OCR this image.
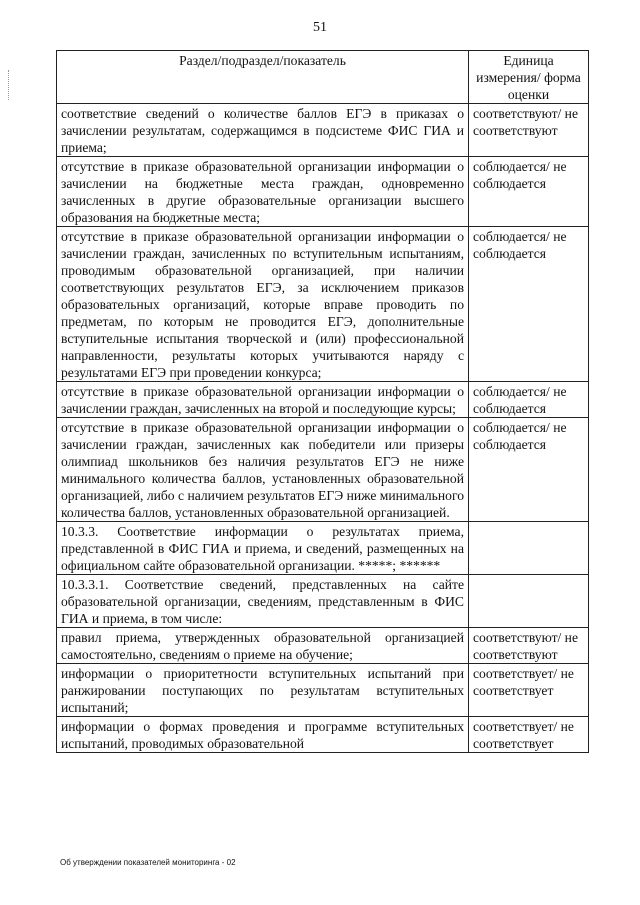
51
Раздел/подраздел/показатель	Единица измерения/ форма оценки
соответствие сведений о количестве баллов ЕГЭ в приказах о зачислении результатам, содержащимся в подсистеме ФИС ГИА и приема;	соответствуют/ не соответствуют
отсутствие в приказе образовательной организации информации о зачислении на бюджетные места граждан, одновременно зачисленных в другие образовательные организации высшего образования на бюджетные места;	соблюдается/ не соблюдается
отсутствие в приказе образовательной организации информации о зачислении граждан, зачисленных по вступительным испытаниям, проводимым образовательной организацией, при наличии соответствующих результатов ЕГЭ, за исключением приказов образовательных организаций, которые вправе проводить по предметам, по которым не проводится ЕГЭ, дополнительные вступительные испытания творческой и (или) профессиональной направленности, результаты которых учитываются наряду с результатами ЕГЭ при проведении конкурса;	соблюдается/ не соблюдается
отсутствие в приказе образовательной организации информации о зачислении граждан, зачисленных на второй и последующие курсы;	соблюдается/ не соблюдается
отсутствие в приказе образовательной организации информации о зачислении граждан, зачисленных как победители или призеры олимпиад школьников без наличия результатов ЕГЭ не ниже минимального количества баллов, установленных образовательной организацией, либо с наличием результатов ЕГЭ ниже минимального количества баллов, установленных образовательной организацией.	соблюдается/ не соблюдается
10.3.3. Соответствие информации о результатах приема, представленной в ФИС ГИА и приема, и сведений, размещенных на официальном сайте образовательной организации. *****; ******	
10.3.3.1. Соответствие сведений, представленных на сайте образовательной организации, сведениям, представленным в ФИС ГИА и приема, в том числе:	
правил приема, утвержденных образовательной организацией самостоятельно, сведениям о приеме на обучение;	соответствуют/ не соответствуют
информации о приоритетности вступительных испытаний при ранжировании поступающих по результатам вступительных испытаний;	соответствует/ не соответствует
информации о формах проведения и программе вступительных испытаний, проводимых образовательной	соответствует/ не соответствует
Об утверждении показателей мониторинга - 02
